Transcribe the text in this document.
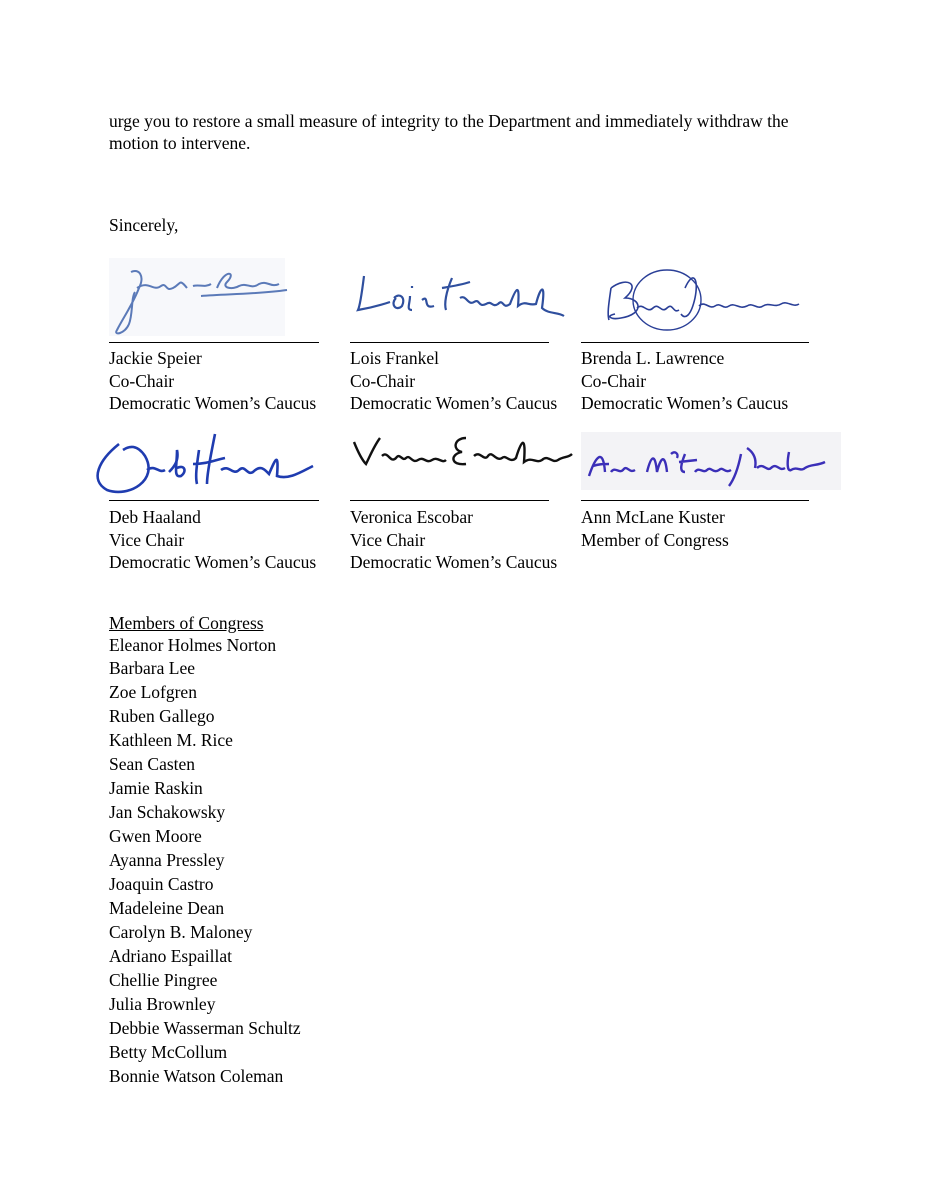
urge you to restore a small measure of integrity to the Department and immediately withdraw the motion to intervene.

Sincerely,

Jackie Speier
Co-Chair
Democratic Women’s Caucus
Lois Frankel
Co-Chair
Democratic Women’s Caucus
Brenda L. Lawrence
Co-Chair
Democratic Women’s Caucus
Deb Haaland
Vice Chair
Democratic Women’s Caucus
Veronica Escobar
Vice Chair
Democratic Women’s Caucus
Ann McLane Kuster
Member of Congress
Members of Congress
Eleanor Holmes Norton
Barbara Lee
Zoe Lofgren
Ruben Gallego
Kathleen M. Rice
Sean Casten
Jamie Raskin
Jan Schakowsky
Gwen Moore
Ayanna Pressley
Joaquin Castro
Madeleine Dean
Carolyn B. Maloney
Adriano Espaillat
Chellie Pingree
Julia Brownley
Debbie Wasserman Schultz
Betty McCollum
Bonnie Watson Coleman
